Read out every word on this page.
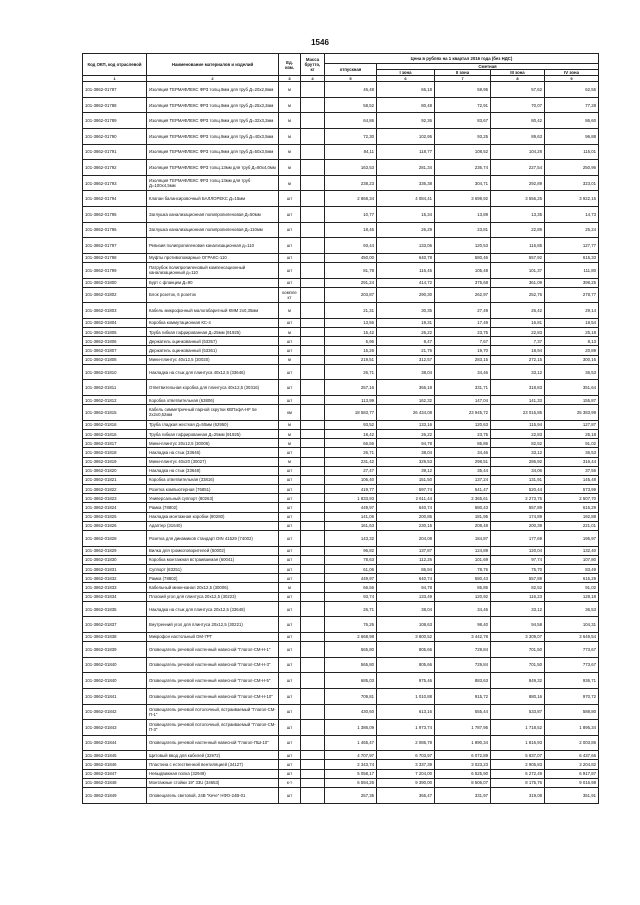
1546
Код ОКП, код отраслевой	Наименование материалов и изделий	Ед. изм.	Масса брутто, кг	Цена в рублях на 1 квартал 2016 года (без НДС)				
				отпускная	Сметная			
					I зона	II зона	III зона	IV зона
1	2	3	4	5	6	7	8	9
101-3862-01787	Изоляция ТЕРМАФЛЕКС ФРЗ толщ.9мм для труб Д=20x2,8мм	м		46,48	66,18	59,95	57,62	62,55
101-3862-01788	Изоляция ТЕРМАФЛЕКС ФРЗ толщ.9мм для труб Д=25x3,2мм	м		58,52	80,48	72,91	70,07	77,28
101-3862-01789	Изоляция ТЕРМАФЛЕКС ФРЗ толщ.9мм для труб Д=32x3,2мм	м		64,86	92,36	83,67	80,42	86,60
101-3862-01790	Изоляция ТЕРМАФЛЕКС ФРЗ толщ.9мм для труб Д=40x3,5мм	м		72,30	102,95	93,25	89,63	96,88
101-3862-01791	Изоляция ТЕРМАФЛЕКС ФРЗ толщ.9мм для труб Д=50x3,5мм	м		84,11	118,77	108,52	104,28	115,01
101-3862-01792	Изоляция ТЕРМАФЛЕКС ФРЗ толщ.13мм для труб Д=80x4,0мм	м		163,53	281,34	236,74	227,54	250,96
101-3862-01793	Изоляция ТЕРМАФЛЕКС ФРЗ толщ.13мм для труб Д=100x4,5мм	м		238,23	336,38	304,71	292,89	323,01
101-3862-01794	Клапан балансировочный БАЛЛОРЕКС Д=15мм	шт		2 868,34	4 084,41	3 699,92	3 556,25	3 922,15
101-3862-01795	Заглушка канализационная полипропиленовая Д=50мм	шт		10,77	15,34	13,89	13,35	14,73
101-3862-01796	Заглушка канализационная полипропиленовая Д=110мм	шт		18,46	26,29	23,81	22,89	25,24
101-3862-01797	Ревизия полипропиленовая канализационная д=110	шт		93,44	133,06	120,53	115,85	127,77
101-3862-01798	Муфты противопожарные ОГРАКС-110	шт		450,00	640,78	580,46	557,92	615,33
101-3862-01799	Патрубок полипропиленовый компенсационный канализационный д=110	шт		81,78	116,45	105,48	101,37	111,80
101-3862-01800	Бурт с фланцем Д=90	шт		291,24	414,72	375,68	361,09	398,25
101-3862-01802	Блок розеток, 6 розеток	компле кт		203,87	290,30	262,97	252,76	278,77
101-3862-01803	Кабель микрофонный малогабаритный КММ 2x0,35мм	м		21,31	30,35	27,49	26,42	29,14
101-3862-01804	Коробка коммутационная КС-4	шт		13,56	19,31	17,49	16,81	18,54
101-3862-01805	Труба гибкая гофрированная Д=25мм (91925)	м		15,42	26,22	23,75	22,83	25,18
101-3862-01806	Держатель оцинкованный (53357)	шт		5,96	8,47	7,67	7,37	8,13
101-3862-01807	Держатель оцинкованный (53361)	шт		15,26	21,76	19,70	18,94	20,89
101-3862-01808	Мини-плинтус 40x12,5 (30020)	м		219,51	312,57	283,15	272,15	300,16
101-3862-01810	Накладка на стык для плинтуса 40x12,5 (33646)	шт		26,71	38,04	34,46	33,12	36,53
101-3862-01811	Ответвительная коробка для плинтуса 40x12,5 (30316)	шт		257,16	366,18	331,71	318,83	351,64
101-3862-01812	Коробка ответвительная (63806)	шт		113,99	162,32	147,04	141,33	155,87
101-3862-01815	Кабель симметричный парной скрутки КВПэфА-НF 5е 2x2x0,52мм	км		18 583,77	26 434,08	23 945,72	23 015,85	25 383,99
101-3862-01816	Труба гладкая жесткая Д=50мм (62950)	м		93,52	133,16	120,63	115,94	127,87
101-3862-01816	Труба гибкая гофрированная Д=25мм (91925)	м		18,42	26,22	23,75	22,83	25,18
101-3862-01817	Мини-плинтус 20x12,5 (30006)	м		66,56	94,78	85,86	82,52	91,02
101-3862-01818	Накладка на стык (33646)	шт		26,71	38,04	34,46	33,12	36,53
101-3862-01819	Мини-плинтус 40x20 (30027)	м		231,42	329,53	298,51	286,92	316,44
101-3862-01820	Накладка на стык (33648)	шт		27,47	39,12	35,44	34,06	37,56
101-3862-01821	Коробка ответвительная (33816)	шт		106,40	151,50	137,24	131,91	145,48
101-3862-01822	Розетка компьютерная (76851)	шт		419,77	597,74	541,47	520,44	573,99
101-3862-01823	Универсальный суппорт (80263)	шт		1 833,93	2 611,44	2 365,61	2 273,75	2 507,70
101-3862-01824	Рамка (78802)	шт		449,97	640,74	580,43	557,89	615,29
101-3862-01825	Накладка монтажная коробки (80280)	шт		141,06	200,86	181,95	174,89	192,88
101-3862-01826	Адаптер (31640)	шт		161,63	230,15	208,48	200,39	221,01
101-3862-01828	Розетка для динамиков стандарт DIN 41529 (74002)	шт		143,32	204,08	184,87	177,69	195,97
101-3862-01829	Вилка для громкоговорителей (50002)	шт		96,82	137,87	124,89	120,04	132,40
101-3862-01830	Коробка монтажная встраиваемая (60041)	шт		78,63	112,26	101,69	97,74	107,80
101-3862-01831	Суппорт (83251)	шт		61,06	86,94	78,76	75,70	83,49
101-3862-01832	Рамка (78802)	шт		449,97	640,74	580,43	557,89	615,29
101-3862-01833	Кабельный мини-канал 20x12,5 (30006)	м		66,56	94,78	85,86	82,52	91,02
101-3862-01834	Плоский угол для плинтуса 20x12,5 (30223)	шт		93,74	133,49	120,92	116,23	128,18
101-3862-01835	Накладка на стык для плинтуса 20x12,5 (33648)	шт		26,71	38,04	34,46	33,12	36,53
101-3862-01837	Внутренний угол для плинтуса 20x12,5 (30221)	шт		76,26	108,63	98,40	94,58	104,31
101-3862-01838	Микрофон настольный ОМ-7РТ	шт		2 668,98	3 800,52	3 442,78	3 309,07	3 649,54
101-3862-01839	Оповещатель речевой настенный навесной "Глагол-СМ-Н-1"	шт		565,80	805,66	729,84	701,50	773,67
101-3862-01840	Оповещатель речевой настенный навесной "Глагол-СМ-Н-3"	шт		565,80	805,66	729,84	701,50	773,67
101-3862-01840	Оповещатель речевой настенный навесной "Глагол-СМ-Н-5"	шт		685,03	975,46	883,63	849,32	936,71
101-3862-01841	Оповещатель речевой настенный навесной "Глагол-СМ-Н-10"	шт		709,81	1 010,88	915,72	880,16	970,72
101-3862-01842	Оповещатель речевой потолочный, встраиваемый "Глагол-СМ-П-1"	шт		430,60	613,16	555,44	533,87	588,80
101-3862-01843	Оповещатель речевой потолочный, встраиваемый "Глагол-СМ-П-3"	шт		1 386,09	1 973,74	1 787,95	1 718,52	1 895,34
101-3862-01844	Оповещатель речевой настенный навесной "Глагол-ПШ-10"	шт		1 465,47	2 086,78	1 890,34	1 816,93	2 003,86
101-3862-01845	Щитовый ввод для кабелей (32972)	шт		4 707,97	6 703,97	6 072,89	5 837,07	6 437,66
101-3862-01846	Пластина с естественной вентиляцией (34127)	шт		2 343,74	3 337,39	3 023,23	2 905,83	3 204,82
101-3862-01847	Невыдвижная полка (32949)	шт		5 058,17	7 204,00	6 525,90	6 272,49	6 917,87
101-3862-01848	Монтажные стойки 19" 33U (34653)	к-т		6 594,26	9 390,00	8 506,07	8 175,76	9 016,98
101-3862-01849	Оповещатель световой, 24В "Кече" НФО-24В-01	шт		257,35	366,47	331,97	319,08	351,91
